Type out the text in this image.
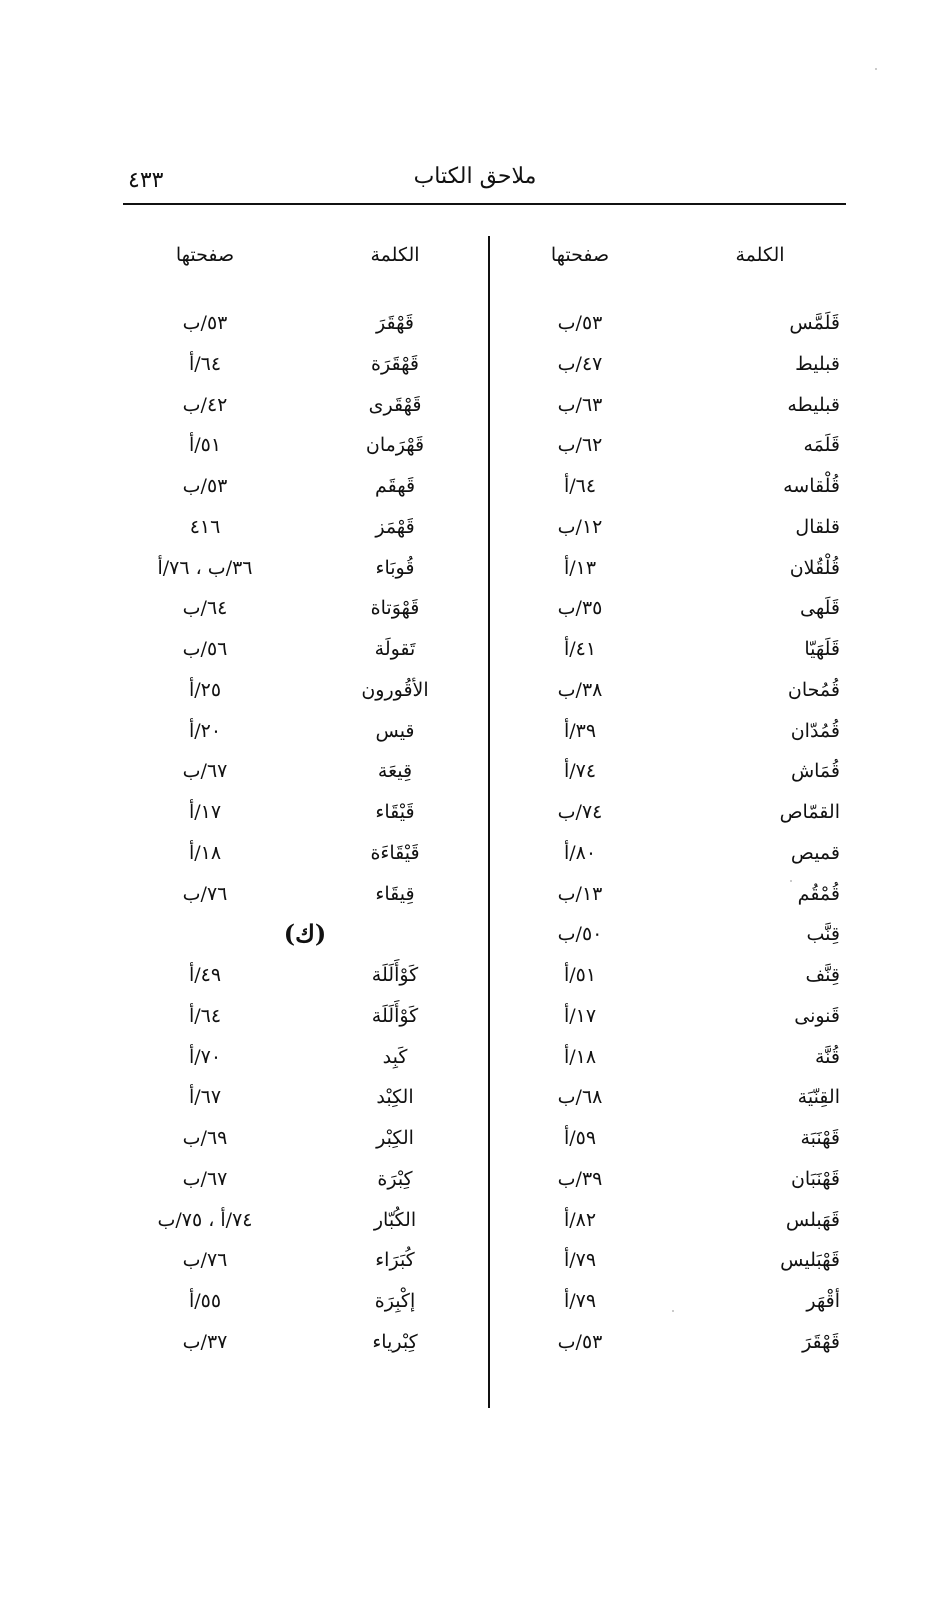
٤٣٣	ملاحق الكتاب
الكلمة
صفحتها
الكلمة
صفحتها
قَلَمَّس
٥٣/ب
قبليط
٤٧/ب
قبليطه
٦٣/ب
قَلَمَه
٦٢/ب
قُلْقاسه
٦٤/أ
قلقال
١٢/ب
قُلْقُلان
١٣/أ
قَلَهى
٣٥/ب
قَلَهَيّا
٤١/أ
قُمُحان
٣٨/ب
قُمُدّان
٣٩/أ
قُمَاش
٧٤/أ
القمّاص
٧٤/ب
قميص
٨٠/أ
قُمْقُم
١٣/ب
قِنَّب
٥٠/ب
قِنَّف
٥١/أ
قَنونى
١٧/أ
قُنَّة
١٨/أ
القِنّيَة
٦٨/ب
قَهْنَبَة
٥٩/أ
قَهْنَبَان
٣٩/ب
قَهَبلس
٨٢/أ
قَهْبَليس
٧٩/أ
أقْهَر
٧٩/أ
قَهْقَرَ
٥٣/ب
قَهْقَرَ
٥٣/ب
قَهْقَرَة
٦٤/أ
قَهْقَرى
٤٢/ب
قَهْرَمان
٥١/أ
قَهقَم
٥٣/ب
قَهْمَز
٤١٦
قُوبَاء
٣٦/ب ، ٧٦/أ
قَهْوَتاة
٦٤/ب
تَقولَة
٥٦/ب
الأقُورون
٢٥/أ
قيس
٢٠/أ
قِيعَة
٦٧/ب
قَيْقَاء
١٧/أ
قَيْقَاءَة
١٨/أ
قِيقَاء
٧٦/ب
(ك)
كَوْأَلَلَة
٤٩/أ
كَوْأَلَلَة
٦٤/أ
كَبِد
٧٠/أ
الكِبْد
٦٧/أ
الكِبْر
٦٩/ب
كِبْرَة
٦٧/ب
الكُبّار
٧٤/أ ، ٧٥/ب
كُبَرَاء
٧٦/ب
إكْبِرَة
٥٥/أ
كِبْرياء
٣٧/ب
